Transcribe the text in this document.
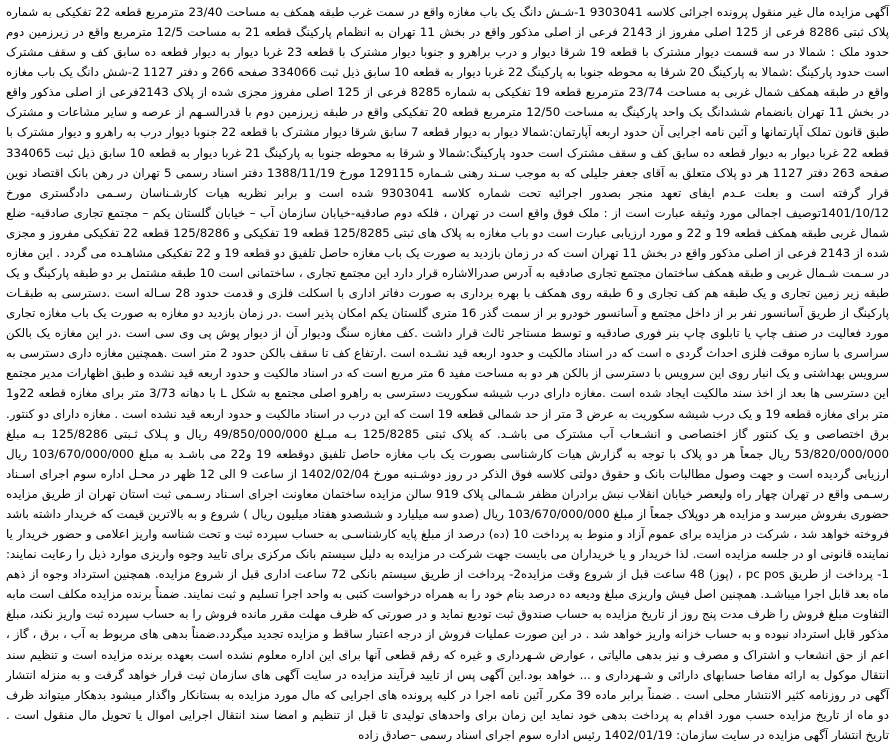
آگهی مزایده مال غیر منقول پرونده اجرائی کلاسه 9303041 1-شـش دانگ یک باب مغازه واقع در سمت غرب طبقه همکف به مساحت 23/40 مترمربع قطعه 22 تفکیکی به شماره پلاک ثبتی 8286 فرعی از 125 اصلی مفروز از 2143 فرعی از اصلی مذکور واقع در بخش 11 تهران به انظمام پارکینگ قطعه 21 به مساحت 12/5 مترمربع واقع در زیرزمین دوم حدود ملک : شمالا در سه قسمت دیوار مشترک با قطعه 19 شرقا دیوار و درب براهرو و جنوبا دیوار مشترک با قطعه 23 غربا دیوار به دیوار قطعه ده سابق کف و سقف مشترک است حدود پارکینگ :شمالا به پارکینگ 20 شرقا به محوطه جنوبا به پارکینگ 22 غربا دیوار به قطعه 10 سابق ذیل ثبت 334066 صفحه 266 و دفتر 1127 2-شش دانگ یک باب مغازه واقع در طبقه همکف شمال غربی به مساحت 23/74 مترمربع قطعه 19 تفکیکی به شماره 8285 فرعی از 125 اصلی مفروز مجزی شده از پلاک 2143فرعی از اصلی مذکور واقع در بخش 11 تهران بانضمام ششدانگ یک واحد پارکینگ به مساحت 12/50 مترمربع قطعه 20 تفکیکی واقع در طبقه زیرزمین دوم با قدرالسـهم از عرصه و سایر مشاعات و مشترک طبق قانون تملک آپارتمانها و آئین نامه اجرایی آن حدود اربعه آپارتمان:شمالا دیوار به دیوار قطعه 7 سابق شرقا دیوار مشترک با قطعه 22 جنوبا دیوار درب به راهرو و دیوار مشترک با قطعه 22 غربا دیوار به دیوار قطعه ده سابق کف و سقف مشترک است حدود پارکینگ:شمالا و شرقا به محوطه جنوبا به پارکینگ 21 غربا دیوار به قطعه 10 سابق ذیل ثبت 334065 صفحه 263 دفتر 1127 هر دو پلاک متعلق به آقای جعفر جلیلی که به موجب سـند رهنی شـماره 129115 مورخ 1388/11/19 دفتر اسناد رسمی 5 تهران در رهن بانک اقتصاد نوین قرار گرفته است و بعلت عـدم ایفای تعهد منجر بصدور اجرائیه تحت شماره کلاسه 9303041 شده است و برابر نظریه هیات کارشـناسان رسـمی دادگستری مورخ 1401/10/12توصیف اجمالی مورد وثیقه عبارت است از : ملک فوق واقع است در تهران ، فلکه دوم صادقیه-خیابان سازمان آب – خیابان گلستان یکم – مجتمع تجاری صادقیه- ضلع شمال غربی طبقه همکف قطعه 19 و 22 و مورد ارزیابی عبارت است دو باب مغازه به پلاک های ثبتی 125/8285 قطعه 19 تفکیکی و 125/8286 قطعه 22 تفکیکی مفروز و مجزی شده از 2143 فرعی از اصلی مذکور واقع در بخش 11 تهران است که در زمان بازدید به صورت یک باب مغازه حاصل تلفیق دو قطعه 19 و 22 تفکیکی مشاهـده می گردد . این مغازه در سـمت شـمال غربی و طبقه همکف ساختمان مجتمع تجاری صادقیه به آدرس صدرالاشاره قرار دارد این مجتمع تجاری ، ساختمانی است 10 طبقه مشتمل بر دو طبقه پارکینگ و یک طبقه زیر زمین تجاری و یک طبقه هم کف تجاری و 6 طبقه روی همکف با بهره برداری به صورت دفاتر اداری با اسکلت فلزی و قدمت حدود 28 سـاله است .دسترسی به طبقـات پارکینگ از طریق آسانسور نفر بر از داخل مجتمع و آسانسور خودرو بر از سمت گذر 16 متری گلستان یکم امکان پذیر است .در زمان بازدید دو مغازه به صورت یک باب مغازه تجاری مورد فعالیت در صنف چاپ یا تابلوی چاپ بنر فوری صادقیه و توسط مستاجر ثالث قرار داشت .کف مغازه سنگ ودیوار آن از دیوار پوش پی وی سی است .در این مغازه یک بالکن سراسری با سازه موقت فلزی احداث گردی ه است که در اسناد مالکیت و حدود اربعه قید نشـده است .ارتفاع کف تا سقف بالکن حدود 2 متر است .همچنین مغازه داری دسترسی به سرویس بهداشتی و یک انبار روی این سرویس با دسترسی از بالکن هر دو به مساحت مفید 6 متر مربع است که در اسناد مالکیت و حدود اربعه قید نشده و طبق اظهارات مدیر مجتمع این دسترسی ها بعد از اخذ سند مالکیت ایجاد شده است .مغازه دارای درب شیشه سکوریت دسترسی به راهرو اصلی مجتمع به شکل L با دهانه 3/73 متر برای مغازه قطعه 22و1 متر برای مغازه قطعه 19 و یک درب شیشه سکوریت به عرض 3 متر از حد شمالی قطعه 19 است که این درب در اسناد مالکیت و حدود اربعه قید نشده است . مغازه دارای دو کنتور. برق اختصاصی و یک کنتور گاز اختصاصی و انشـعاب آب مشترک می باشـد. که پلاک ثبتی 125/8285 بـه مبـلغ 49/850/000/000 ریال و پـلاک ثـبتی 125/8286 بـه مبلغ 53/820/000/000 ریال جمعاً هر دو پلاک با توجه به گزارش هیات کارشناسی بصورت یک باب مغازه حاصل تلفیق دوقطعه 19 و22 می باشـد به مبلغ 103/670/000/000 ریال ارزیابی گردیده است و جهت وصول مطالبات بانک و حقوق دولتی کلاسه فوق الذکر در روز دوشـنبه مورخ 1402/02/04 از ساعت 9 الی 12 ظهر در محـل اداره سوم اجرای اسـناد رسـمی واقع در تهران چهار راه ولیعصر خیابان انقلاب نبش برادران مظفر شـمالی پلاک 919 سالن مزایده ساختمان معاونت اجرای اسـناد رسـمی ثبت استان تهران از طریق مزایده حضوری بفروش میرسد و مزایده هر دوپلاک جمعاً از مبلغ 103/670/000/000 ریال (صدو سه میلیارد و ششصدو هفتاد میلیون ریال ) شروع و به بالاترین قیمت که خریدار داشته باشد فروخته خواهد شد ، شرکت در مزایده برای عموم آزاد و منوط به پرداخت 10 (ده) درصد از مبلغ پایه کارشناسـی به حساب سپرده ثبت و تحت شناسه واریز اعلامی و حضور خریدار یا نماینده قانونی او در جلسه مزایده است. لذا خریدار و یا خریداران می بایست جهت شرکت در مزایده به دلیل سیستم بانک مرکزی برای تایید وجوه واریزی موارد ذیل را رعایت نمایند: 1- پرداخت از طریق pc pos ، (پوز) 48 ساعت قبل از شروع وقت مزایده2- پرداخت از طریق سیستم بانکی 72 ساعت اداری قبل از شروع مزایده. همچنین استرداد وجوه از ذهم ماه بعد قابل اجرا میباشـد. همچنین اصل فیش واریزی مبلغ ودیعه ده درصد بنام خود را به همراه درخواست کتبی به واحد اجرا تسلیم و ثبت نمایند. ضمناً برنده مزایده مکلف است مابه التفاوت مبلغ فروش را ظرف مدت پنج روز از تاریخ مزایده به حساب صندوق ثبت توديع نمايد و در صورتی که ظرف مهلت مقرر مانده فروش را به حساب سپرده ثبت واریز نکند، مبلغ مذکور قابل استرداد نبوده و به حساب خزانه واریز خواهد شد . در این صورت عملیات فروش از درجه اعتبار ساقط و مزایده تجدید میگردد.ضمناً بدهی های مربوط به آب ، برق ، گاز ، اعم از حق انشعاب و اشتراک و مصرف و نیز بدهی مالیاتی ، عوارض شـهرداری و غیره که رقم قطعی آنها برای این اداره معلوم نشده است بعهده برنده مزایده است و تنظیم سند انتقال موکول به ارائه مفاصا حسابهای دارائی و شـهرداری و ... خواهد بود.این آگهی پس از تایید فرآیند مزایده در سایت آگهی های سازمان ثبت قرار خواهد گرفت و به منزله انتشار آگهی در روزنامه کثیر الانتشار محلی است . ضمناً برابر ماده 39 مکرر آئین نامه اجرا در کلیه پرونده های اجرایی که مال مورد مزایده به بستانکار واگذار میشود بدهکار میتواند ظرف دو ماه از تاریخ مزایده حسب مورد اقدام به پرداخت بدهی خود نماید این زمان برای واحدهای تولیدی تا قبل از تنظیم و امضا سند انتقال اجرایی اموال یا تحویل مال منقول است . تاریخ انتشار آگهی مزایده در سایت سازمان: 1402/01/19 رئیس اداره سوم اجرای اسناد رسمی –صادق زاده
